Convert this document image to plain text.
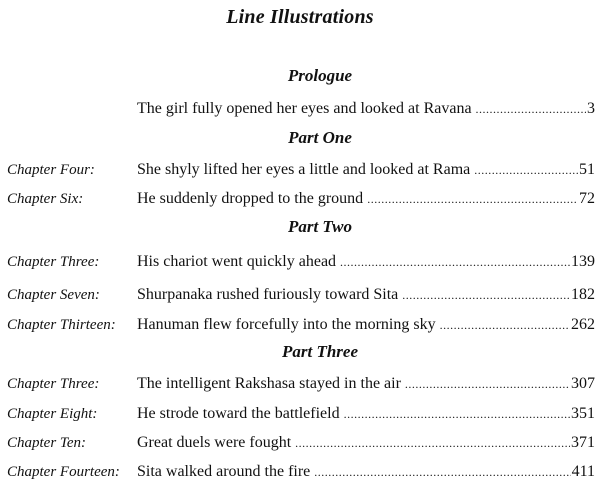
Line Illustrations
Prologue
The girl fully opened her eyes and looked at Ravana .....	3
Part One
Chapter Four:	She shyly lifted her eyes a little and looked at Rama .....	51
Chapter Six:	He suddenly dropped to the ground .....	72
Part Two
Chapter Three: His chariot went quickly ahead .....	139
Chapter Seven: Shurpanaka rushed furiously toward Sita .....	182
Chapter Thirteen: Hanuman flew forcefully into the morning sky .....	262
Part Three
Chapter Three: The intelligent Rakshasa stayed in the air .....	307
Chapter Eight: He strode toward the battlefield .....	351
Chapter Ten:	Great duels were fought .....	371
Chapter Fourteen: Sita walked around the fire .....	411
